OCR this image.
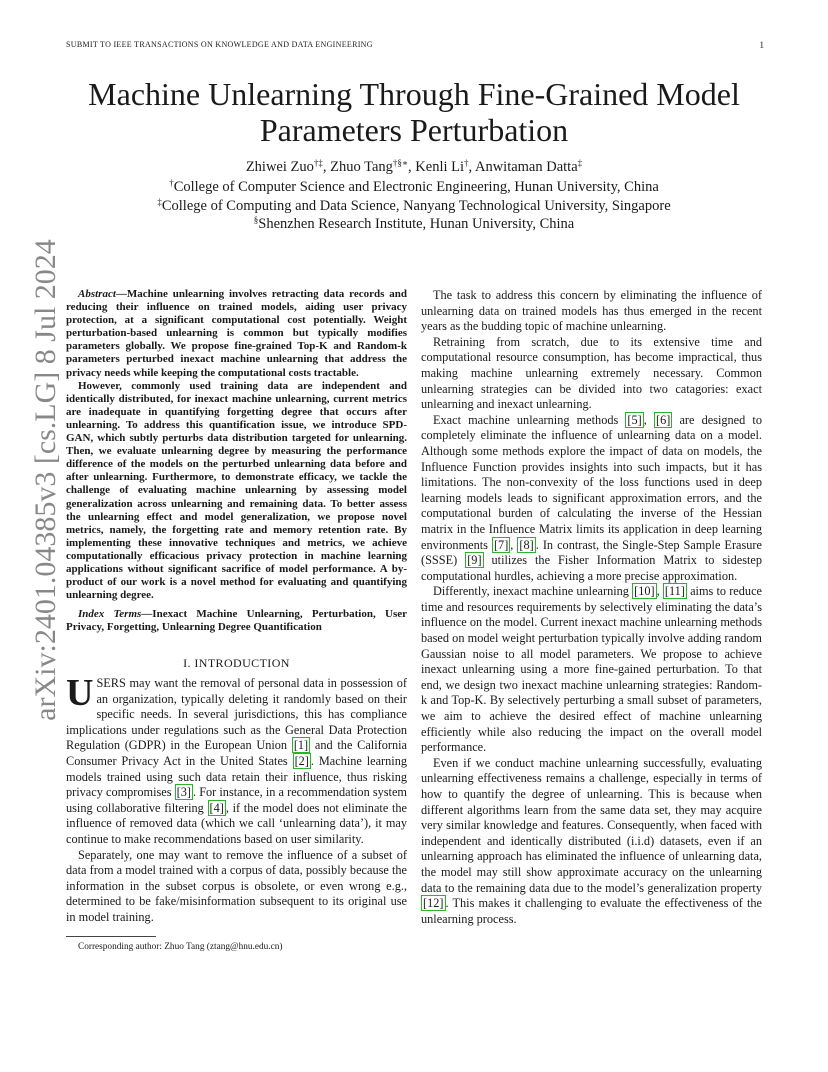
SUBMIT TO IEEE TRANSACTIONS ON KNOWLEDGE AND DATA ENGINEERING	1
Machine Unlearning Through Fine-Grained Model Parameters Perturbation
Zhiwei Zuo†‡, Zhuo Tang†§∗, Kenli Li†, Anwitaman Datta‡
†College of Computer Science and Electronic Engineering, Hunan University, China
‡College of Computing and Data Science, Nanyang Technological University, Singapore
§Shenzhen Research Institute, Hunan University, China
arXiv:2401.04385v3 [cs.LG] 8 Jul 2024	Abstract—Machine unlearning involves retracting data records and reducing their influence on trained models, aiding user privacy protection, at a significant computational cost potentially. Weight perturbation-based unlearning is common but typically modifies parameters globally. We propose fine-grained Top-K and Random-k parameters perturbed inexact machine unlearning that address the privacy needs while keeping the computational costs tractable.

However, commonly used training data are independent and identically distributed, for inexact machine unlearning, current metrics are inadequate in quantifying forgetting degree that occurs after unlearning. To address this quantification issue, we introduce SPD-GAN, which subtly perturbs data distribution targeted for unlearning. Then, we evaluate unlearning degree by measuring the performance difference of the models on the perturbed unlearning data before and after unlearning. Furthermore, to demonstrate efficacy, we tackle the challenge of evaluating machine unlearning by assessing model generalization across unlearning and remaining data. To better assess the unlearning effect and model generalization, we propose novel metrics, namely, the forgetting rate and memory retention rate. By implementing these innovative techniques and metrics, we achieve computationally efficacious privacy protection in machine learning applications without significant sacrifice of model performance. A by-product of our work is a novel method for evaluating and quantifying unlearning degree.

Index Terms—Inexact Machine Unlearning, Perturbation, User Privacy, Forgetting, Unlearning Degree Quantification

I. INTRODUCTION

USERS may want the removal of personal data in possession of an organization, typically deleting it randomly based on their specific needs. In several jurisdictions, this has compliance implications under regulations such as the General Data Protection Regulation (GDPR) in the European Union [1] and the California Consumer Privacy Act in the United States [2] . Machine learning models trained using such data retain their influence, thus risking privacy compromises [3] . For instance, in a recommendation system using collaborative filtering [4] , if the model does not eliminate the influence of removed data (which we call ‘unlearning data’), it may continue to make recommendations based on user similarity.

Separately, one may want to remove the influence of a subset of data from a model trained with a corpus of data, possibly because the information in the subset corpus is obsolete, or even wrong e.g., determined to be fake/misinformation subsequent to its original use in model training.

Corresponding author: Zhuo Tang (ztang@hnu.edu.cn)

The task to address this concern by eliminating the influence of unlearning data on trained models has thus emerged in the recent years as the budding topic of machine unlearning.

Retraining from scratch, due to its extensive time and computational resource consumption, has become impractical, thus making machine unlearning extremely necessary. Common unlearning strategies can be divided into two catagories: exact unlearning and inexact unlearning.

Exact machine unlearning methods [5] , [6] are designed to completely eliminate the influence of unlearning data on a model. Although some methods explore the impact of data on models, the Influence Function provides insights into such impacts, but it has limitations. The non-convexity of the loss functions used in deep learning models leads to significant approximation errors, and the computational burden of calculating the inverse of the Hessian matrix in the Influence Matrix limits its application in deep learning environments [7] , [8] . In contrast, the Single-Step Sample Erasure (SSSE) [9] utilizes the Fisher Information Matrix to sidestep computational hurdles, achieving a more precise approximation.

Differently, inexact machine unlearning [10] , [11] aims to reduce time and resources requirements by selectively eliminating the data’s influence on the model. Current inexact machine unlearning methods based on model weight perturbation typically involve adding random Gaussian noise to all model parameters. We propose to achieve inexact unlearning using a more fine-gained perturbation. To that end, we design two inexact machine unlearning strategies: Random-k and Top-K. By selectively perturbing a small subset of parameters, we aim to achieve the desired effect of machine unlearning efficiently while also reducing the impact on the overall model performance.

Even if we conduct machine unlearning successfully, evaluating unlearning effectiveness remains a challenge, especially in terms of how to quantify the degree of unlearning. This is because when different algorithms learn from the same data set, they may acquire very similar knowledge and features. Consequently, when faced with independent and identically distributed (i.i.d) datasets, even if an unlearning approach has eliminated the influence of unlearning data, the model may still show approximate accuracy on the unlearning data to the remaining data due to the model’s generalization property [12] . This makes it challenging to evaluate the effectiveness of the unlearning process.
